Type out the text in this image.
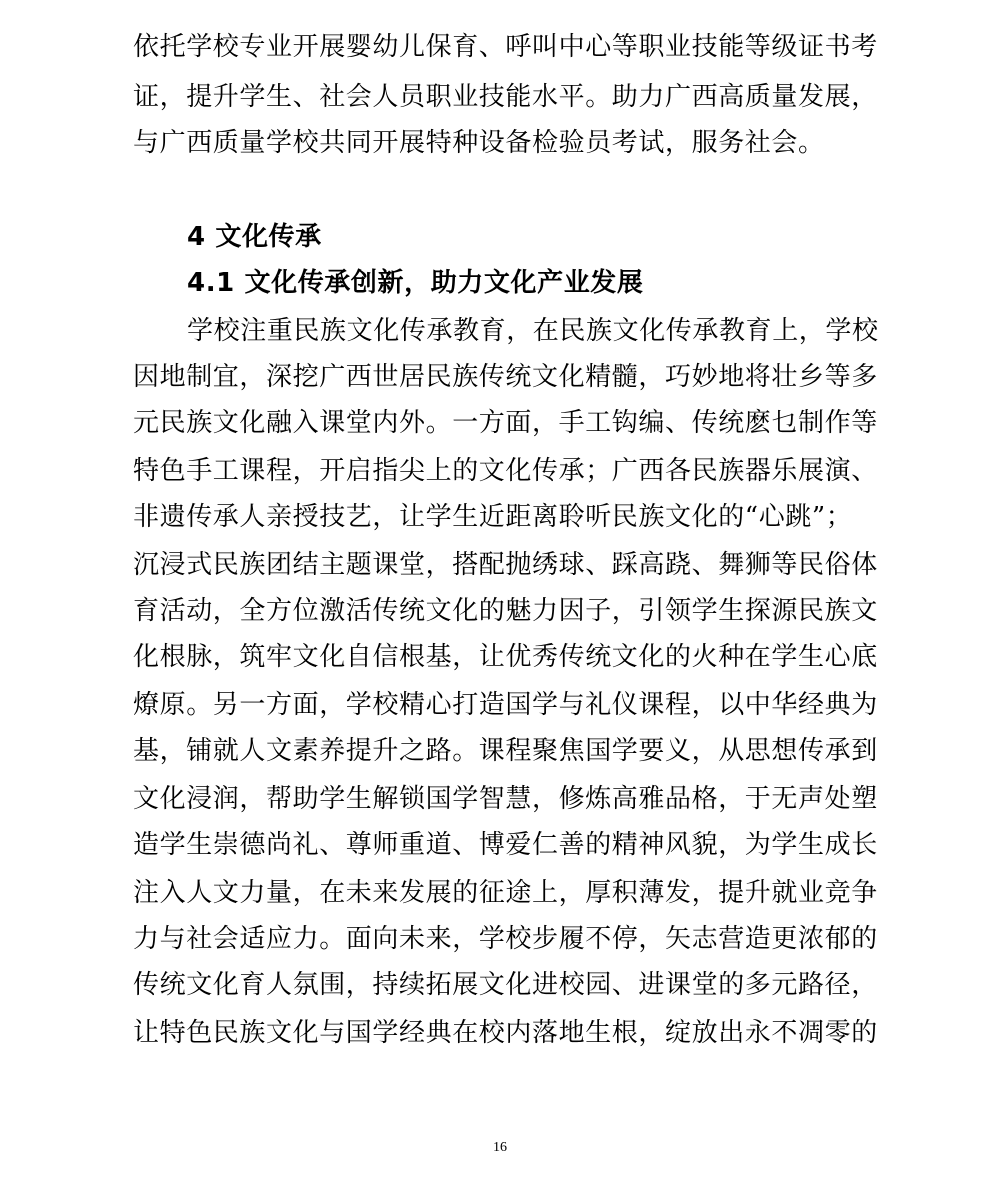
依托学校专业开展婴幼儿保育、呼叫中心等职业技能等级证书考
证，提升学生、社会人员职业技能水平。助力广西高质量发展，
与广西质量学校共同开展特种设备检验员考试，服务社会。
4 文化传承
4.1 文化传承创新，助力文化产业发展
学校注重民族文化传承教育，在民族文化传承教育上，学校
因地制宜，深挖广西世居民族传统文化精髓，巧妙地将壮乡等多
元民族文化融入课堂内外。一方面，手工钩编、传统麽乜制作等
特色手工课程，开启指尖上的文化传承；广西各民族器乐展演、
非遗传承人亲授技艺，让学生近距离聆听民族文化的“心跳”；
沉浸式民族团结主题课堂，搭配抛绣球、踩高跷、舞狮等民俗体
育活动，全方位激活传统文化的魅力因子，引领学生探源民族文
化根脉，筑牢文化自信根基，让优秀传统文化的火种在学生心底
燎原。另一方面，学校精心打造国学与礼仪课程，以中华经典为
基，铺就人文素养提升之路。课程聚焦国学要义，从思想传承到
文化浸润，帮助学生解锁国学智慧，修炼高雅品格，于无声处塑
造学生崇德尚礼、尊师重道、博爱仁善的精神风貌，为学生成长
注入人文力量，在未来发展的征途上，厚积薄发，提升就业竞争
力与社会适应力。面向未来，学校步履不停，矢志营造更浓郁的
传统文化育人氛围，持续拓展文化进校园、进课堂的多元路径，
让特色民族文化与国学经典在校内落地生根，绽放出永不凋零的
16
